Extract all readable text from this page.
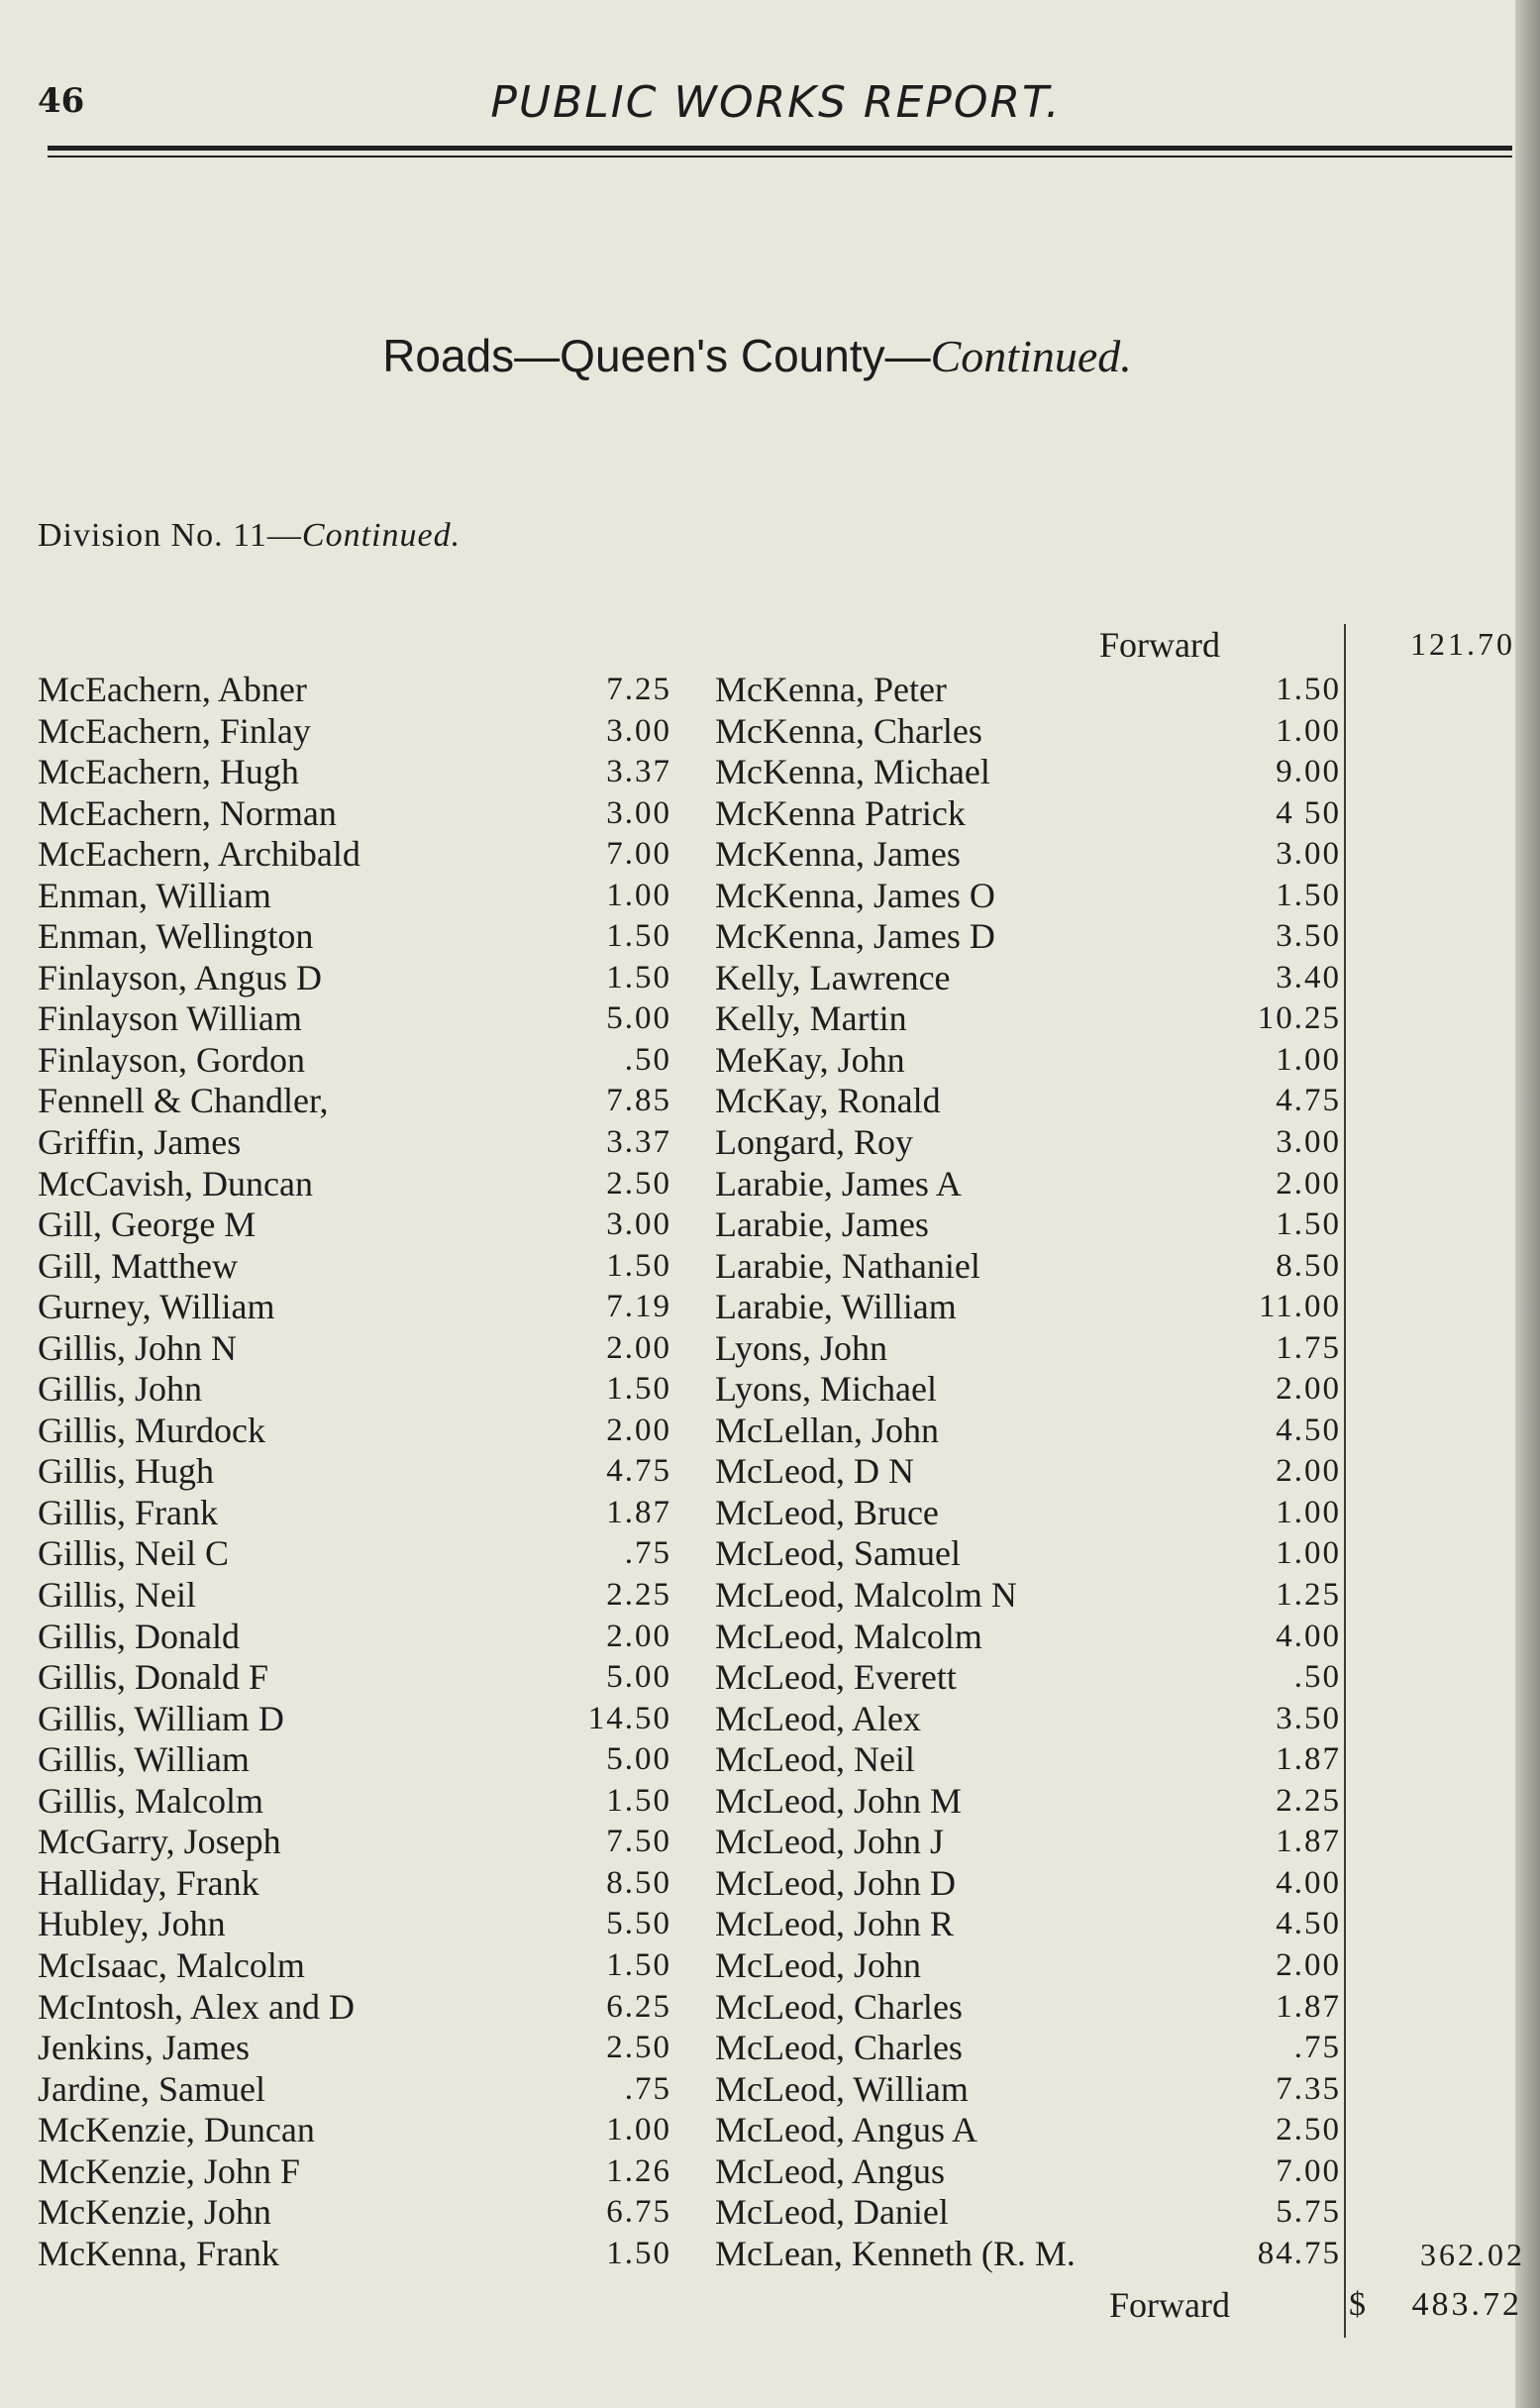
46	PUBLIC WORKS REPORT.
Roads—Queen's County—Continued.
Division No. 11—Continued.
Forward	121.70
McEachern, Abner	7.25
McEachern, Finlay	3.00
McEachern, Hugh	3.37
McEachern, Norman	3.00
McEachern, Archibald	7.00
Enman, William	1.00
Enman, Wellington	1.50
Finlayson, Angus D	1.50
Finlayson William	5.00
Finlayson, Gordon	.50
Fennell & Chandler,	7.85
Griffin, James	3.37
McCavish, Duncan	2.50
Gill, George M	3.00
Gill, Matthew	1.50
Gurney, William	7.19
Gillis, John N	2.00
Gillis, John	1.50
Gillis, Murdock	2.00
Gillis, Hugh	4.75
Gillis, Frank	1.87
Gillis, Neil C	.75
Gillis, Neil	2.25
Gillis, Donald	2.00
Gillis, Donald F	5.00
Gillis, William D	14.50
Gillis, William	5.00
Gillis, Malcolm	1.50
McGarry, Joseph	7.50
Halliday, Frank	8.50
Hubley, John	5.50
McIsaac, Malcolm	1.50
McIntosh, Alex and D	6.25
Jenkins, James	2.50
Jardine, Samuel	.75
McKenzie, Duncan	1.00
McKenzie, John F	1.26
McKenzie, John	6.75
McKenna, Frank	1.50
McKenna, Peter	1.50
McKenna, Charles	1.00
McKenna, Michael	9.00
McKenna Patrick	4 50
McKenna, James	3.00
McKenna, James O	1.50
McKenna, James D	3.50
Kelly, Lawrence	3.40
Kelly, Martin	10.25
MeKay, John	1.00
McKay, Ronald	4.75
Longard, Roy	3.00
Larabie, James A	2.00
Larabie, James	1.50
Larabie, Nathaniel	8.50
Larabie, William	11.00
Lyons, John	1.75
Lyons, Michael	2.00
McLellan, John	4.50
McLeod, D N	2.00
McLeod, Bruce	1.00
McLeod, Samuel	1.00
McLeod, Malcolm N	1.25
McLeod, Malcolm	4.00
McLeod, Everett	.50
McLeod, Alex	3.50
McLeod, Neil	1.87
McLeod, John M	2.25
McLeod, John J	1.87
McLeod, John D	4.00
McLeod, John R	4.50
McLeod, John	2.00
McLeod, Charles	1.87
McLeod, Charles	.75
McLeod, William	7.35
McLeod, Angus A	2.50
McLeod, Angus	7.00
McLeod, Daniel	5.75
McLean, Kenneth (R. M.	84.75	362.02
Forward	$ 483.72
